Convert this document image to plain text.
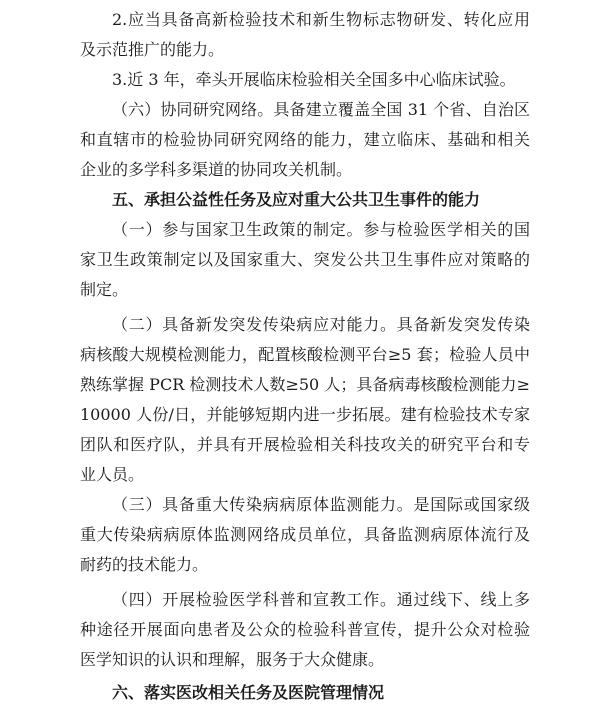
2.应当具备高新检验技术和新生物标志物研发、转化应用
及示范推广的能力。
3.近 3 年，牵头开展临床检验相关全国多中心临床试验。
（六）协同研究网络。具备建立覆盖全国 31 个省、自治区
和直辖市的检验协同研究网络的能力，建立临床、基础和相关
企业的多学科多渠道的协同攻关机制。
五、承担公益性任务及应对重大公共卫生事件的能力
（一）参与国家卫生政策的制定。参与检验医学相关的国
家卫生政策制定以及国家重大、突发公共卫生事件应对策略的
制定。
（二）具备新发突发传染病应对能力。具备新发突发传染
病核酸大规模检测能力，配置核酸检测平台≥5 套；检验人员中
熟练掌握 PCR 检测技术人数≥50 人；具备病毒核酸检测能力≥
10000 人份/日，并能够短期内进一步拓展。建有检验技术专家
团队和医疗队，并具有开展检验相关科技攻关的研究平台和专
业人员。
（三）具备重大传染病病原体监测能力。是国际或国家级
重大传染病病原体监测网络成员单位，具备监测病原体流行及
耐药的技术能力。
（四）开展检验医学科普和宣教工作。通过线下、线上多
种途径开展面向患者及公众的检验科普宣传，提升公众对检验
医学知识的认识和理解，服务于大众健康。
六、落实医改相关任务及医院管理情况
